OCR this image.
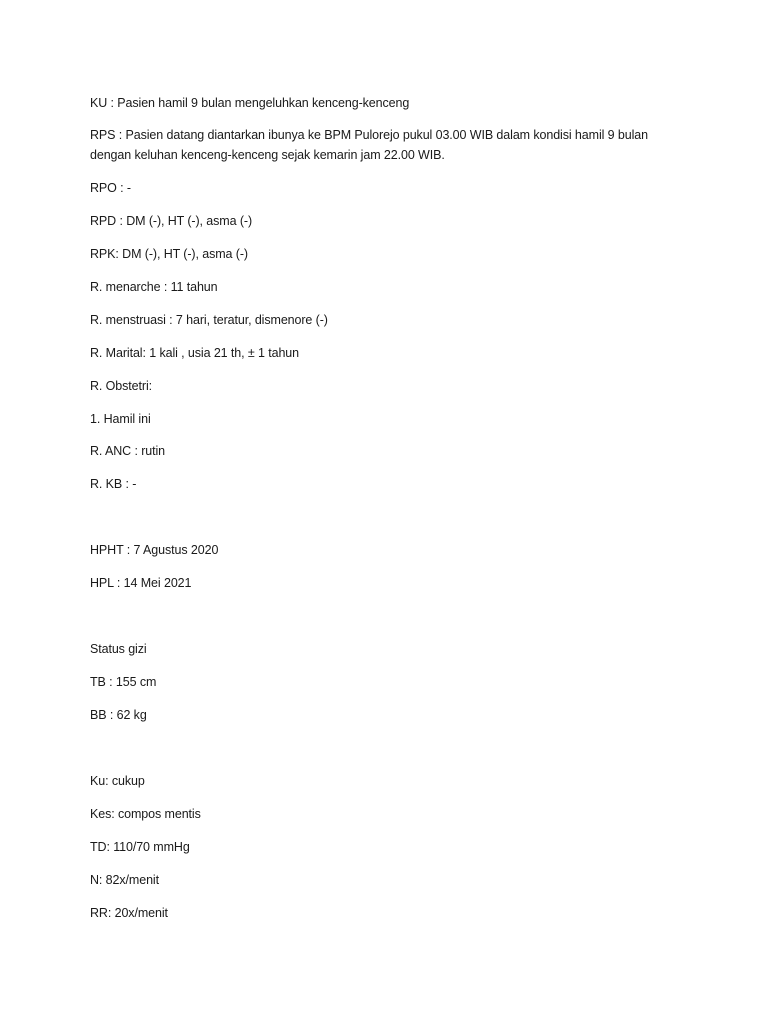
KU : Pasien hamil 9 bulan mengeluhkan kenceng-kenceng
RPS : Pasien datang diantarkan ibunya ke BPM Pulorejo pukul 03.00 WIB dalam kondisi hamil 9 bulan
dengan keluhan kenceng-kenceng sejak kemarin jam 22.00 WIB.
RPO : -
RPD : DM (-), HT (-), asma (-)
RPK: DM (-), HT (-), asma (-)
R. menarche : 11 tahun
R. menstruasi : 7 hari, teratur, dismenore (-)
R. Marital: 1 kali , usia 21 th, ± 1 tahun
R. Obstetri:
1. Hamil ini
R. ANC : rutin
R. KB : -
HPHT : 7 Agustus 2020
HPL : 14 Mei 2021
Status gizi
TB : 155 cm
BB : 62 kg
Ku: cukup
Kes: compos mentis
TD: 110/70 mmHg
N: 82x/menit
RR: 20x/menit
